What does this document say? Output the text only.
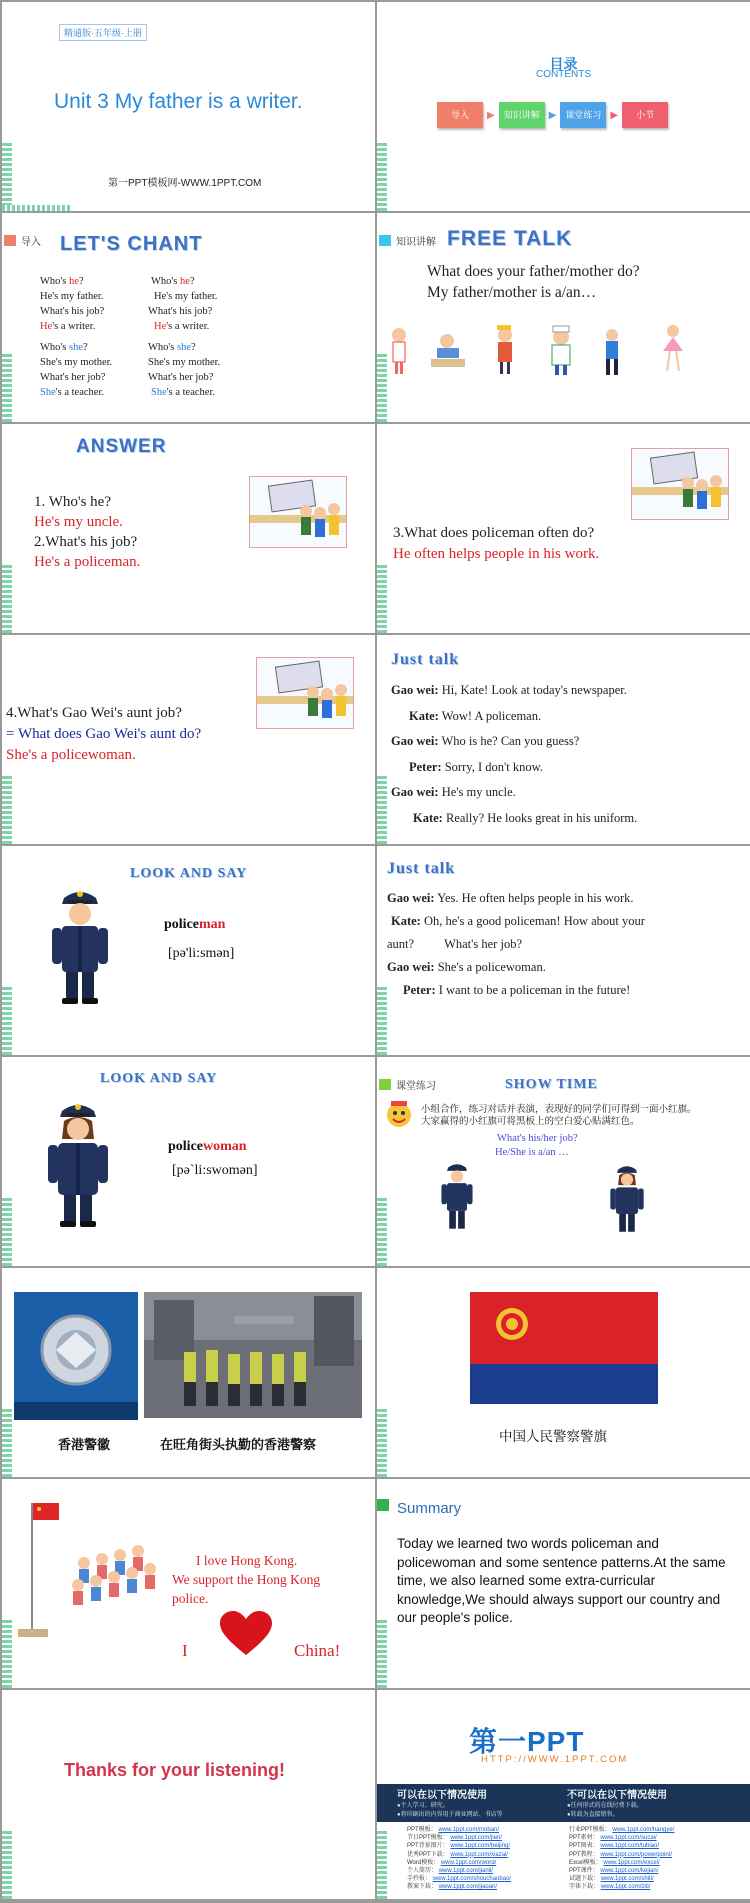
精通版·五年级·上册
Unit 3 My father is a writer.
第一PPT模板网-WWW.1PPT.COM
目录
CONTENTS
导入	▶ 知识讲解 ▶ 课堂练习 ▶	小节
导入 LET'S CHANT
Who's he?
He's my father.
What's his job?
He's a writer.
Who's she?
She's my mother.
What's her job?
She's a teacher.
Who's he?
He's my father.
What's his job?
He's a writer.
Who's she?
She's my mother.
What's her job?
She's a teacher.
知识讲解 FREE TALK
What does your father/mother do?
My father/mother is a/an…
ANSWER
1. Who's he?
He's my uncle.
2.What's his job?
He's a policeman.
3.What does policeman often do?
He often helps people in his work.
4.What's Gao Wei's aunt job?
= What does Gao Wei's aunt do?
She's a policewoman.
Just talk
Gao wei: Hi, Kate! Look at today's newspaper.
Kate: Wow! A policeman.
Gao wei: Who is he? Can you guess?
Peter: Sorry, I don't know.
Gao wei: He's my uncle.
Kate: Really? He looks great in his uniform.
LOOK AND SAY
policeman
[pə'li:smən]
Just talk
Gao wei: Yes. He often helps people in his work.
Kate: Oh, he's a good policeman! How about your
aunt? What's her job?
Gao wei: She's a policewoman.
Peter: I want to be a policeman in the future!
LOOK AND SAY
policewoman
[pə`li:swomən]
课堂练习	SHOW TIME
小组合作，练习对话并表演，表现好的同学们可得到一面小红旗。
大家赢得的小红旗可将黑板上的空白爱心贴满红色。
What's his/her job?
He/She is a/an …
香港警徽	在旺角街头执勤的香港警察
中国人民警察警旗
I love Hong Kong.
We support the Hong Kong
police.
I	China!
Summary
Today we learned two words policeman and policewoman and some sentence patterns.At the same time, we also learned some extra-curricular knowledge,We should always support our country and our people's police.
Thanks for your listening!
第一PPT
HTTP://WWW.1PPT.COM
可以在以下情况使用
●个人学习、研究。
●将印刷出的内容用于商业网站、书店等
不可以在以下情况使用
●任何形式的在线付费下载。
●转载为直接销售。
PPT模板： www.1ppt.com/moban/
节日PPT模板： www.1ppt.com/jieri/
PPT背景图片： www.1ppt.com/beijing/
优秀PPT下载： www.1ppt.com/xiazai/
Word模板： www.1ppt.com/word/
个人简历： www.1ppt.com/jianli/
手抄报： www.1ppt.com/shouchaobao/
教案下载： www.1ppt.com/jiaoan/
行业PPT模板： www.1ppt.com/hangye/
PPT素材： www.1ppt.com/sucai/
PPT图表： www.1ppt.com/tubiao/
PPT教程： www.1ppt.com/powerpoint/
Excel模板： www.1ppt.com/excel/
PPT课件： www.1ppt.com/kejian/
试题下载： www.1ppt.com/shiti/
字体下载： www.1ppt.com/ziti/
